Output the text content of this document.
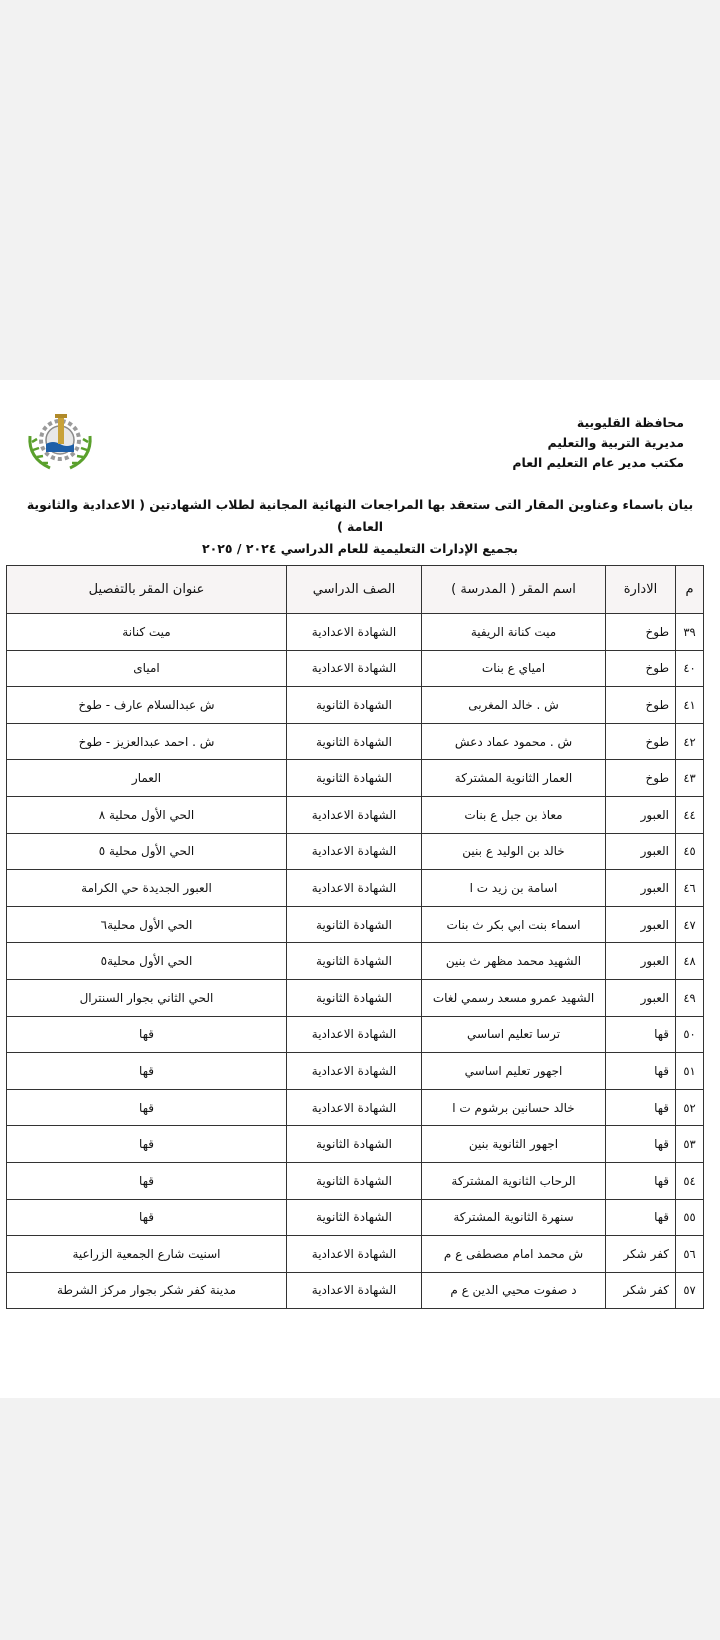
محافظة القليوبية
مديرية التربية والتعليم
مكتب مدير عام التعليم العام
بيان باسماء وعناوين المقار التى ستعقد بها المراجعات النهائية المجانية لطلاب الشهادتين ( الاعدادية والثانوية العامة )
بجميع الإدارات التعليمية للعام الدراسي ٢٠٢٤ / ٢٠٢٥
م	الادارة	اسم المقر ( المدرسة )	الصف الدراسي	عنوان المقر بالتفصيل
٣٩	طوخ	ميت كنانة الريفية	الشهادة الاعدادية	ميت كنانة
٤٠	طوخ	امياي ع بنات	الشهادة الاعدادية	امياى
٤١	طوخ	ش . خالد المغربى	الشهادة الثانوية	ش عبدالسلام عارف - طوخ
٤٢	طوخ	ش . محمود عماد دعش	الشهادة الثانوية	ش . احمد عبدالعزيز - طوخ
٤٣	طوخ	العمار الثانوية المشتركة	الشهادة الثانوية	العمار
٤٤	العبور	معاذ بن جبل ع بنات	الشهادة الاعدادية	الحي الأول محلية ٨
٤٥	العبور	خالد بن الوليد ع بنين	الشهادة الاعدادية	الحي الأول محلية ٥
٤٦	العبور	اسامة بن زيد ت ا	الشهادة الاعدادية	العبور الجديدة حي الكرامة
٤٧	العبور	اسماء بنت ابي بكر ث بنات	الشهادة الثانوية	الحي الأول محلية٦
٤٨	العبور	الشهيد محمد مظهر ث بنين	الشهادة الثانوية	الحي الأول محلية٥
٤٩	العبور	الشهيد عمرو مسعد رسمي لغات	الشهادة الثانوية	الحي الثاني بجوار السنترال
٥٠	قها	ترسا تعليم اساسي	الشهادة الاعدادية	قها
٥١	قها	اجهور تعليم اساسي	الشهادة الاعدادية	قها
٥٢	قها	خالد حسانين برشوم ت ا	الشهادة الاعدادية	قها
٥٣	قها	اجهور الثانوية بنين	الشهادة الثانوية	قها
٥٤	قها	الرحاب الثانوية المشتركة	الشهادة الثانوية	قها
٥٥	قها	سنهرة الثانوية المشتركة	الشهادة الثانوية	قها
٥٦	كفر شكر	ش محمد امام مصطفى ع م	الشهادة الاعدادية	اسنيت شارع الجمعية الزراعية
٥٧	كفر شكر	د صفوت محيي الدين ع م	الشهادة الاعدادية	مدينة كفر شكر بجوار مركز الشرطة
